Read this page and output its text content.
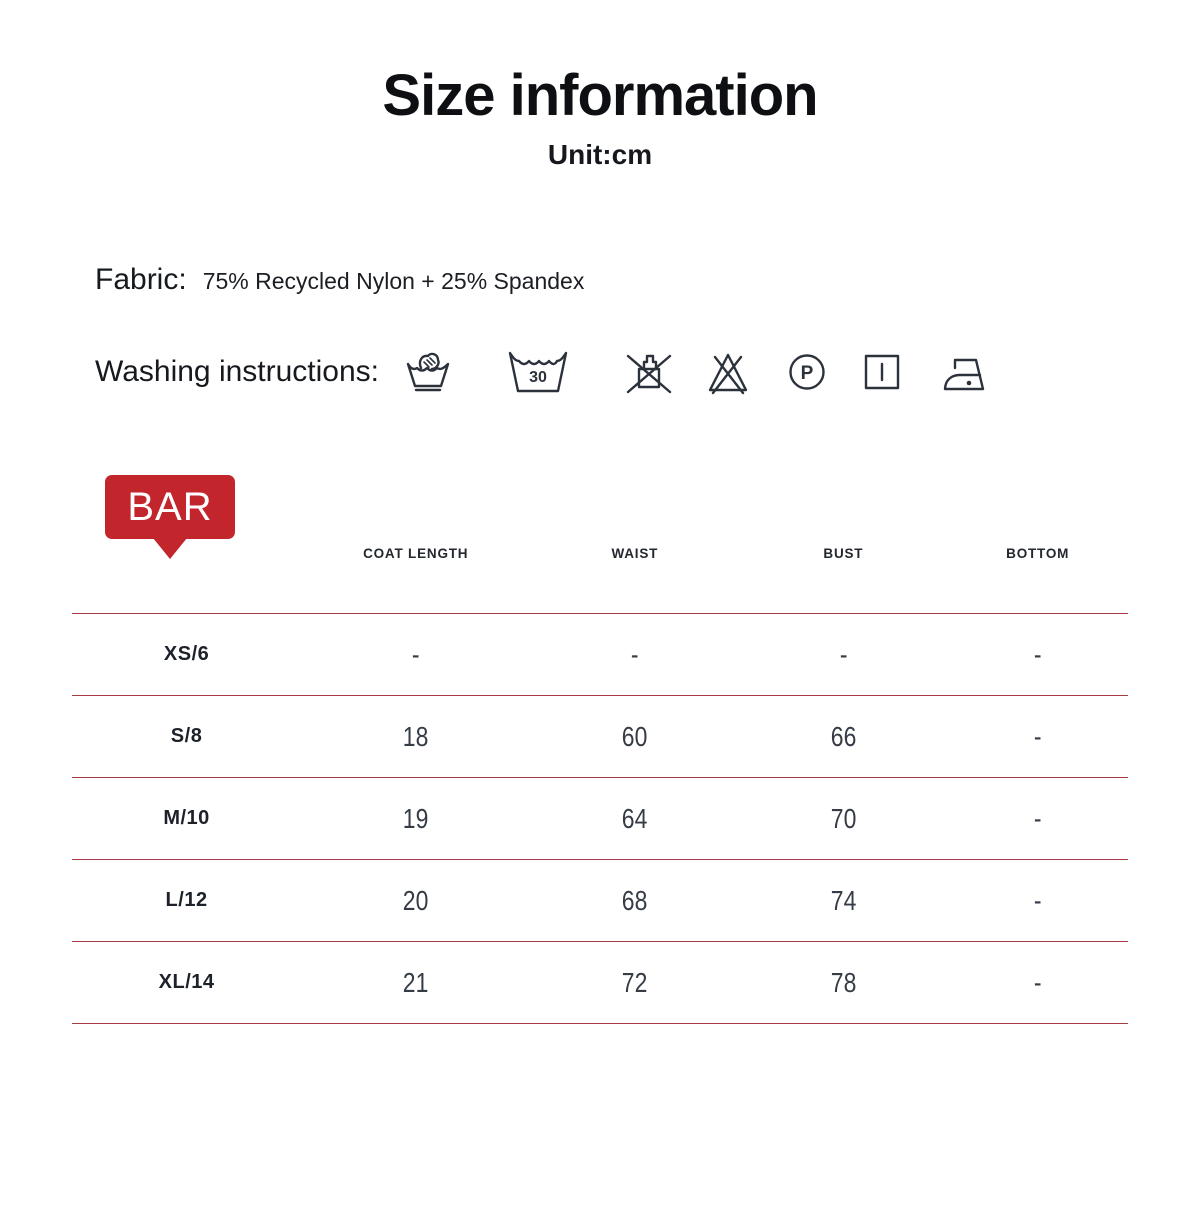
Size information
Unit:cm
Fabric: 75% Recycled Nylon + 25% Spandex
Washing instructions:	30	P
BAR
COAT LENGTH	WAIST	BUST	BOTTOM
XS/6	-	-	-	-
S/8	18	60	66	-
M/10	19	64	70	-
L/12	20	68	74	-
XL/14	21	72	78	-
